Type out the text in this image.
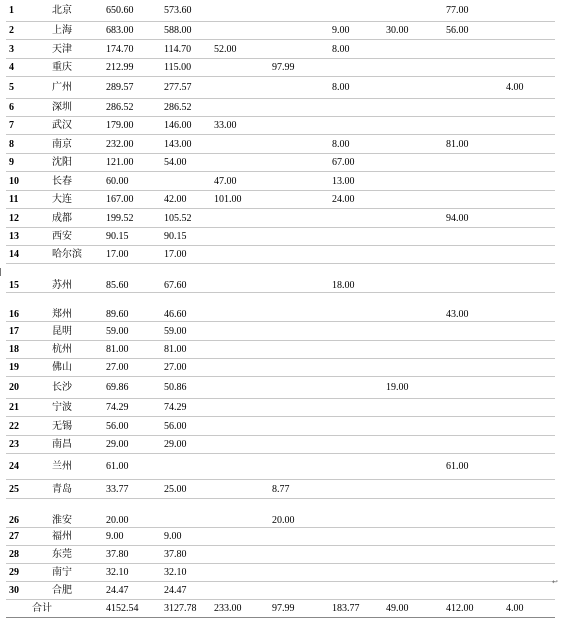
1	北京	650.60	573.60					77.00	
2	上海	683.00	588.00			9.00	30.00	56.00	
3	天津	174.70	114.70	52.00		8.00			
4	重庆	212.99	115.00		97.99				
5	广州	289.57	277.57			8.00			4.00
6	深圳	286.52	286.52						
7	武汉	179.00	146.00	33.00					
8	南京	232.00	143.00			8.00		81.00	
9	沈阳	121.00	54.00			67.00			
10	长春	60.00		47.00		13.00			
11	大连	167.00	42.00	101.00		24.00			
12	成都	199.52	105.52					94.00	
13	西安	90.15	90.15						
14	哈尔滨	17.00	17.00						
15	苏州	85.60	67.60			18.00			
16	郑州	89.60	46.60					43.00	
17	昆明	59.00	59.00						
18	杭州	81.00	81.00						
19	佛山	27.00	27.00						
20	长沙	69.86	50.86				19.00		
21	宁波	74.29	74.29						
22	无锡	56.00	56.00						
23	南昌	29.00	29.00						
24	兰州	61.00						61.00	
25	青岛	33.77	25.00		8.77				
26	淮安	20.00			20.00				
27	福州	9.00	9.00						
28	东莞	37.80	37.80						
29	南宁	32.10	32.10						
30	合肥	24.47	24.47						
合计		4152.54	3127.78	233.00	97.99	183.77	49.00	412.00	4.00
↩
